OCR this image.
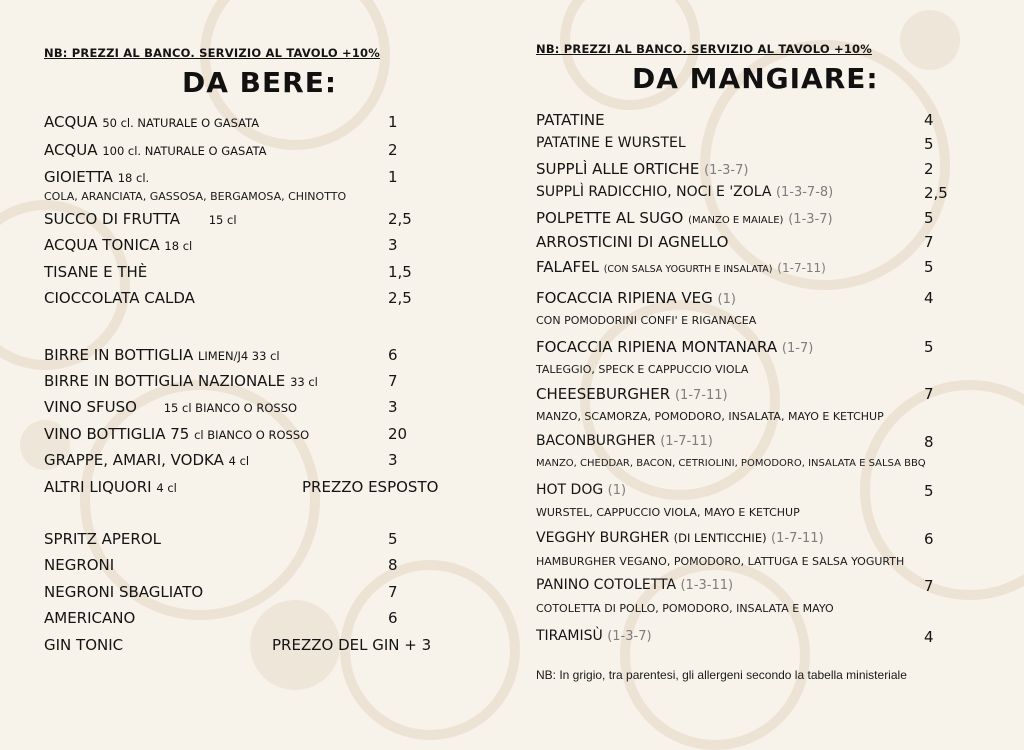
NB: PREZZI AL BANCO. SERVIZIO AL TAVOLO +10%
DA BERE:
ACQUA 50 cl. NATURALE O GASATA	1
ACQUA 100 cl. NATURALE O GASATA	2
GIOIETTA 18 cl.	1
COLA, ARANCIATA, GASSOSA, BERGAMOSA, CHINOTTO
SUCCO DI FRUTTA	15 cl	2,5
ACQUA TONICA 18 cl	3
TISANE E THÈ	1,5
CIOCCOLATA CALDA	2,5
BIRRE IN BOTTIGLIA LIMEN/J4 33 cl	6
BIRRE IN BOTTIGLIA NAZIONALE 33 cl	7
VINO SFUSO 15 cl BIANCO O ROSSO	3
VINO BOTTIGLIA 75 cl BIANCO O ROSSO	20
GRAPPE, AMARI, VODKA 4 cl	3
ALTRI LIQUORI 4 cl	PREZZO ESPOSTO
SPRITZ APEROL	5
NEGRONI	8
NEGRONI SBAGLIATO	7
AMERICANO	6
GIN TONIC	PREZZO DEL GIN + 3
NB: PREZZI AL BANCO. SERVIZIO AL TAVOLO +10%
DA MANGIARE:
PATATINE	4
PATATINE E WURSTEL	5
SUPPLÌ ALLE ORTICHE (1-3-7)	2
SUPPLÌ RADICCHIO, NOCI E 'ZOLA (1-3-7-8)	2,5
POLPETTE AL SUGO (MANZO E MAIALE) (1-3-7)	5
ARROSTICINI DI AGNELLO	7
FALAFEL (CON SALSA YOGURTH E INSALATA) (1-7-11)	5
FOCACCIA RIPIENA VEG (1)	4
CON POMODORINI CONFI' E RIGANACEA
FOCACCIA RIPIENA MONTANARA (1-7)	5
TALEGGIO, SPECK E CAPPUCCIO VIOLA
CHEESEBURGHER (1-7-11)	7
MANZO, SCAMORZA, POMODORO, INSALATA, MAYO E KETCHUP
BACONBURGHER (1-7-11)	8
MANZO, CHEDDAR, BACON, CETRIOLINI, POMODORO, INSALATA E SALSA BBQ
HOT DOG (1)	5
WURSTEL, CAPPUCCIO VIOLA, MAYO E KETCHUP
VEGGHY BURGHER (DI LENTICCHIE) (1-7-11)	6
HAMBURGHER VEGANO, POMODORO, LATTUGA E SALSA YOGURTH
PANINO COTOLETTA (1-3-11)	7
COTOLETTA DI POLLO, POMODORO, INSALATA E MAYO
TIRAMISÙ (1-3-7)	4
NB: In grigio, tra parentesi, gli allergeni secondo la tabella ministeriale
